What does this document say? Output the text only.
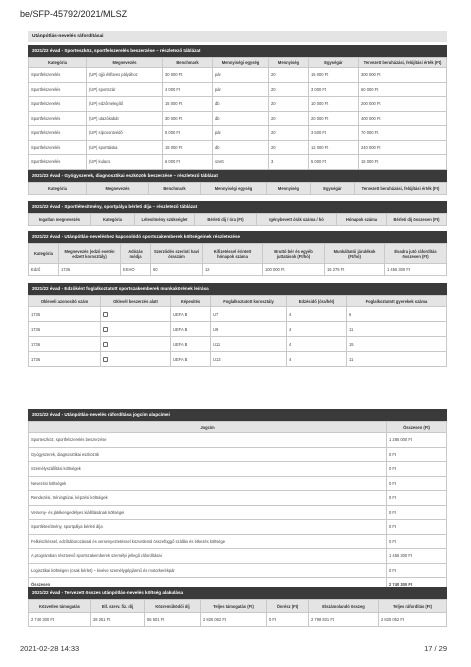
be/SFP-45792/2021/MLSZ
Utánpótlás-nevelés ráfordításai
2021/22 évad - Sporteszköz, sportfelszerelés beszerzése – részletező táblázat
Kategória	Megnevezés	Benchmark	Mennyiségi egység	Mennyiség	Egységár	Tervezett beruházási, felújítási érték (Ft)
Sportfelszerelés	(UP) üjjó étlfüves pályához	30 000 Ft	pár	20	15 000 Ft	300 000 Ft
Sportfelszerelés	(UP) sportszár	4 000 Ft	pár	20	3 000 Ft	60 000 Ft
Sportfelszerelés	(UP) edzőmelegítő	15 000 Ft	db	20	10 000 Ft	200 000 Ft
Sportfelszerelés	(UP) utazókabát	30 000 Ft	db	20	20 000 Ft	400 000 Ft
Sportfelszerelés	(UP) sípcsontvédő	5 000 Ft	pár	20	3 500 Ft	70 000 Ft
Sportfelszerelés	(UP) sporttáska	15 000 Ft	db	20	12 000 Ft	240 000 Ft
Sportfelszerelés	(UP) kulacs	6 000 Ft	szett	3	5 000 Ft	15 000 Ft
2021/22 évad - Gyógyszerek, diagnosztikai eszközök beszerzése – részletező táblázat
Kategória	Megnevezés	Benchmark	Mennyiségi egység	Mennyiség	Egységár	Tervezett beruházási, felújítási érték (Ft)
2021/22 évad - Sportlétesítmény, sportpálya bérleti díja – részletező táblázat
Ingatlan megnevezés	Kategória	Létesítmény szükséglet	Bérleti díj / óra (Ft)	Igénybevett órák száma / hó	Hónapok száma	Bérleti díj összesen (Ft)
2021/22 évad - Utánpótlás-neveléshez kapcsolódó sportszakemberek költségeinek részletezése
Kategória	Megnevezés (edző esetén edzett korosztály)	Adózás módja	Szerződés szerinti havi óraszám	Kifizetéssel érintett hónapok száma	Bruttó bér és egyéb juttatások (Ft/hó)	Munkáltatói járulékok (Ft/hó)	Évadra jutó ráfordítás összesen (Ft)
Edző	1736	EKHO	50	12	100 000 Ft	15 275 Ft	1 455 300 Ft
2021/22 évad - Edzőként foglalkoztatott sportszakemberek munkakörének leírása
Okleveli azonosító szám	Oklevél beszerzés alatt	Képesítés	Foglalkoztatott korosztály	Edzésidő (óra/hét)	Foglalkoztatott gyerekek száma
1736		UEFA B	U7	4	6
1736		UEFA B	U9	4	11
1736		UEFA B	U11	4	15
1736		UEFA B	U13	4	11
2021/22 évad - Utánpótlás-nevelés ráfordítása jogcím alapcímei
Jogcím	Összesen (Ft)
Sporteszköz, sportfelszerelés beszerzése	1 285 000 Ft
Gyógyszerek, diagnosztikai eszközök	0 Ft
Személyszállítási költségek	0 Ft
Nevezési költségek	0 Ft
Rendezési, tréningtúrai, képzési költségek	0 Ft
Verseny- és játékengedélyes kiállításának költségei	0 Ft
Sportlétesítmény, sportpálya bérleti díja	0 Ft
Felkészítéssel, edzőtáborozással és versenyeztetéssel közvetlenül összefüggő szállás és étkezés költsége	0 Ft
A programban résztvevő sportszakemberek személyi jellegű ráfordításai	1 455 300 Ft
Logisztikai költségen (csak bérlet) – kivéve személygépjármű és motorkerékpár	0 Ft
Összesen	2 740 300 Ft
2021/22 évad - Tervezett összes utánpótlás-nevelés költség alakulása
Közvetlen támogatás	Ell. szerv. fiz. díj	Közreműködői díj	Teljes támogatás (Ft)	Önrész (Ft)	Elszámolandó összeg	Teljes ráfordítás (Ft)
2 740 300 Ft	28 251 Ft	56 501 Ft	2 825 052 Ft	0 Ft	2 798 831 Ft	2 825 052 Ft
2021-02-28 14:33	17 / 29
